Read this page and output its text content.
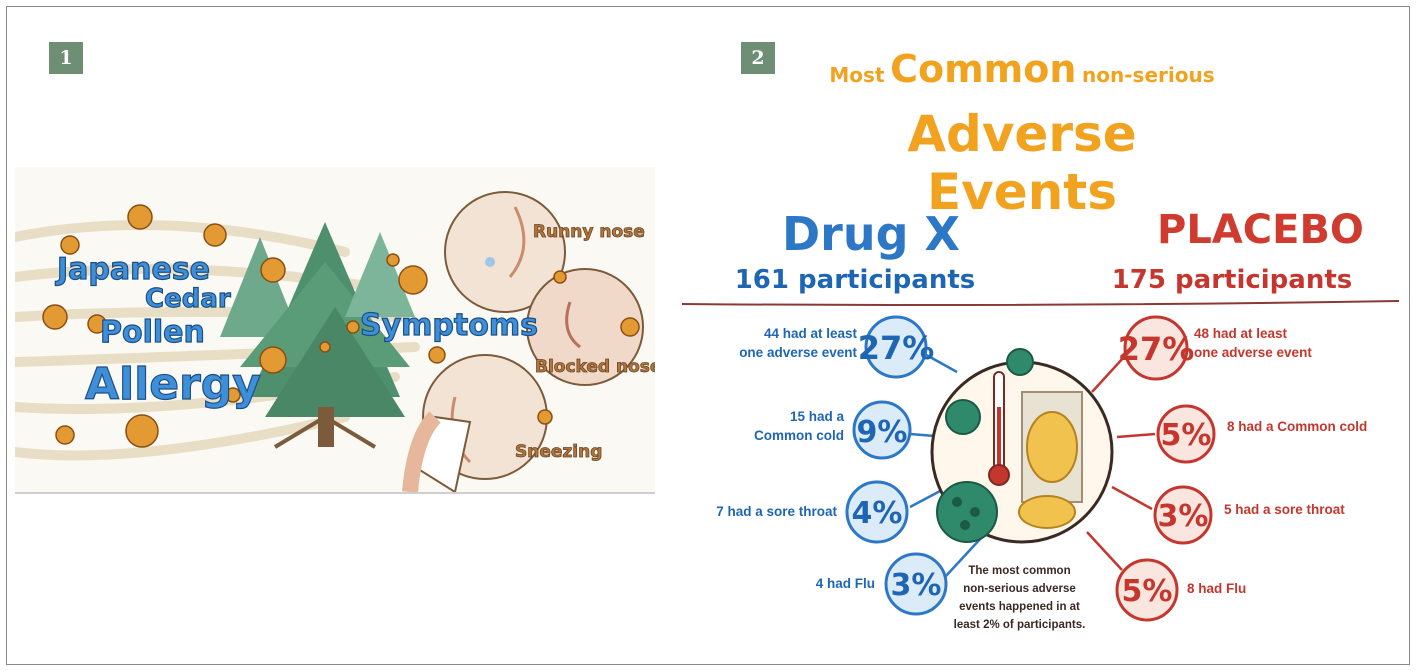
1
Japanese
Cedar
Pollen
Allergy
Symptoms
Runny nose
Blocked nose
Sneezing
2
Most Common non-serious
Adverse Events
Drug X
161 participants
PLACEBO
175 participants
27%
9%
4%
3%
27%
5%
3%
5%
44 had at least
one adverse event
15 had a
Common cold
7 had a sore throat
4 had Flu
48 had at least
one adverse event
8 had a Common cold
5 had a sore throat
8 had Flu
The most common
non-serious adverse
events happened in at
least 2% of participants.
